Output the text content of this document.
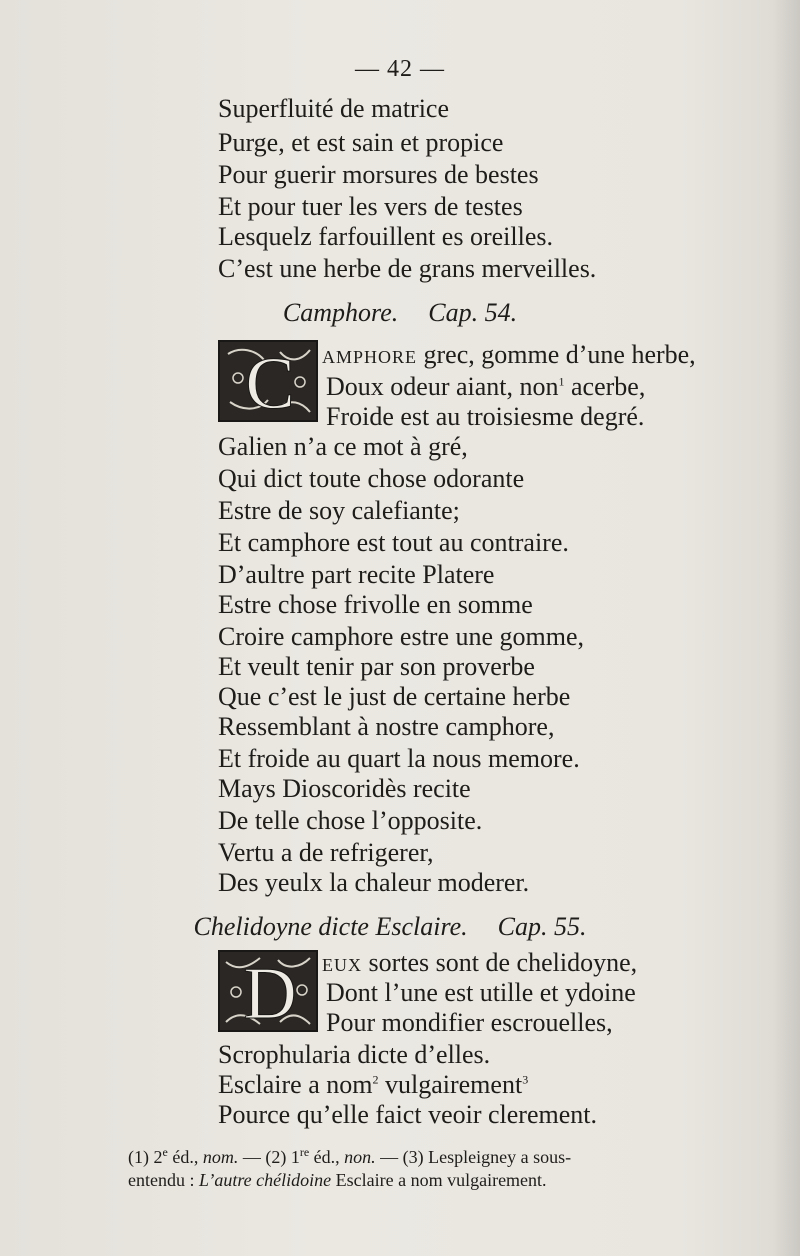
— 42 —
Superfluité de matrice
Purge, et est sain et propice
Pour guerir morsures de bestes
Et pour tuer les vers de testes
Lesquelz farfouillent es oreilles.
C’est une herbe de grans merveilles.
Camphore. Cap. 54.
C amphore grec, gomme d’une herbe,
Doux odeur aiant, non$^1$ acerbe,
Froide est au troisiesme degré.
Galien n’a ce mot à gré,
Qui dict toute chose odorante
Estre de soy calefiante;
Et camphore est tout au contraire.
D’aultre part recite Platere
Estre chose frivolle en somme
Croire camphore estre une gomme,
Et veult tenir par son proverbe
Que c’est le just de certaine herbe
Ressemblant à nostre camphore,
Et froide au quart la nous memore.
Mays Dioscoridès recite
De telle chose l’opposite.
Vertu a de refrigerer,
Des yeulx la chaleur moderer.
Chelidoyne dicte Esclaire. Cap. 55.
D eux sortes sont de chelidoyne,
Dont l’une est utille et ydoine
Pour mondifier escrouelles,
Scrophularia dicte d’elles.
Esclaire a nom$^2$ vulgairement$^3$
Pource qu’elle faict veoir clerement.
(1) 2e éd., nom. — (2) 1re éd., non. — (3) Lespleigney a sous-
entendu : L’autre chélidoine Esclaire a nom vulgairement.
